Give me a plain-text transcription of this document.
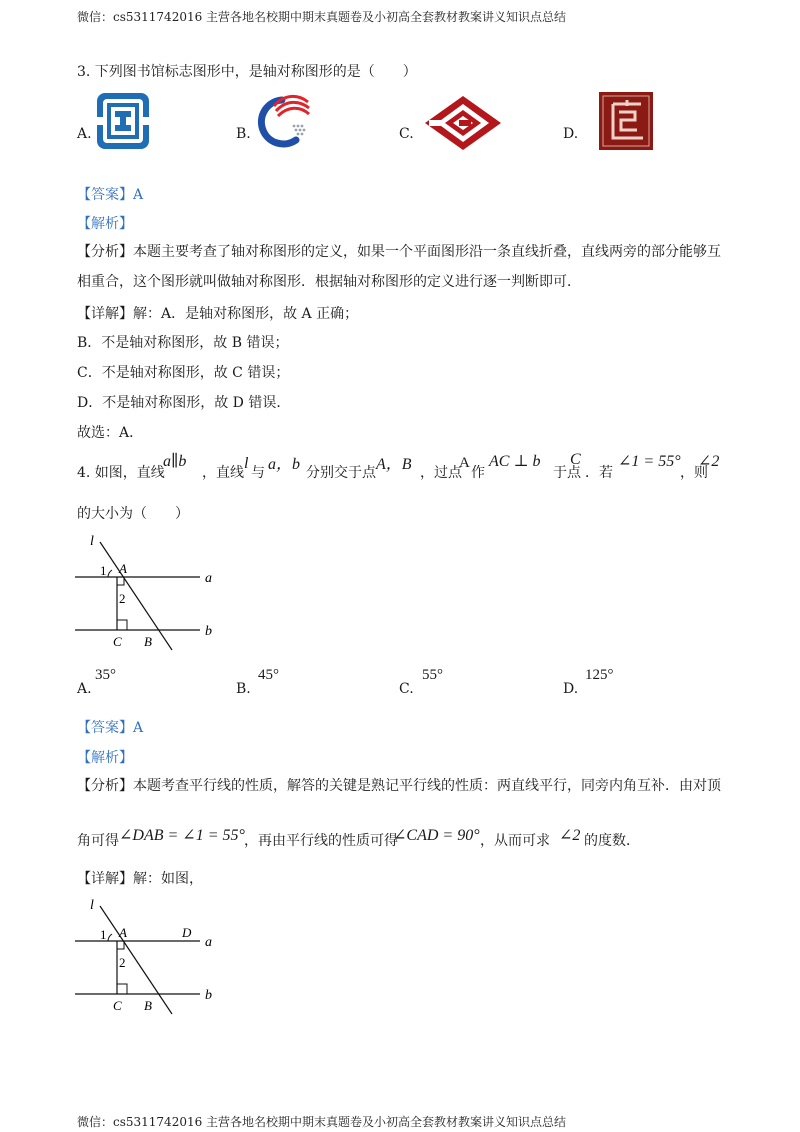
微信：cs5311742016 主营各地名校期中期末真题卷及小初高全套教材教案讲义知识点总结
3. 下列图书馆标志图形中，是轴对称图形的是（　　）
A.	B.	C.	D.
【答案】A
【解析】
【分析】本题主要考查了轴对称图形的定义，如果一个平面图形沿一条直线折叠，直线两旁的部分能够互
相重合，这个图形就叫做轴对称图形．根据轴对称图形的定义进行逐一判断即可．
【详解】解：A．是轴对称图形，故 A 正确；
B．不是轴对称图形，故 B 错误；
C．不是轴对称图形，故 C 错误；
D．不是轴对称图形，故 D 错误．
故选：A．
4. 如图，直线
a∥b
，直线
l
与 a，b 分别交于点 A，B ，过点
A
作
AC ⊥ b
于点
C
．若
∠1 = 55°
，则
∠2
的大小为（　　）
l
a
b
A
B
C
1
2
A.
35°
B.
45°
C.
55°
D.
125°
【答案】A
【解析】
【分析】本题考查平行线的性质，解答的关键是熟记平行线的性质：两直线平行，同旁内角互补．由对顶
角可得 ∠DAB = ∠1 = 55° ，再由平行线的性质可得
∠CAD = 90° ，从而可求 ∠2 的度数．
【详解】解：如图，
l
a
b
A	D
B
C
1
2
微信：cs5311742016 主营各地名校期中期末真题卷及小初高全套教材教案讲义知识点总结
